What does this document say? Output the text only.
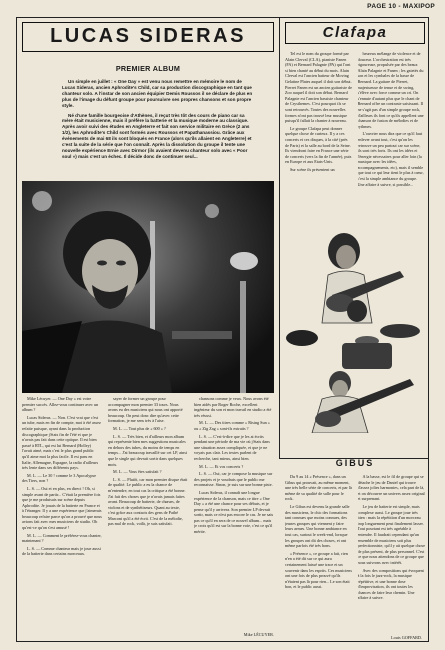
PAGE 10 - MAXIPOP
LUCAS SIDERAS
PREMIER ALBUM

Un simple en juillet : « One Day » est venu nous remettre en mémoire le nom de Lucas Sideras, ancien Aphrodite's Child, car sa production discographique en tant que chanteur solo. A l'instar de son ancien équipier Demis Roussos il se déclare de plus en plus de l'image du défunt groupe pour poursuivre ses propres chansons et son propre style.

Né d'une famille bourgeoise d'Athènes, il reçut très tôt des cours de piano car sa mère était musicienne, mais il préfère la batterie et la musique moderne au classique. Après avoir suivi des études en Angleterre et fait son service militaire en Grèce (2 ans 1/2), les Aphrodite's Child sont formés avec Roussos et Papathanassiou. Grâce aux événements de mai 68 ils sont bloqués en France (alors qu'ils allaient en Angleterre) et c'est la suite de la série que l'on connaît. Après la dissolution du groupe il tente une nouvelle expérience Ernie avec Dirmor (ils avaient devenu chanteur solo avec « Poor soul ») mais c'est un échec. Il décide donc de continuer seul...

Mike Lécuyer. — One Day » est votre premier succès. Allez-vous continuer avec un album ?

Lucas Sideras. — Non. C'est vrai que c'est un tube, mais en fin de compte, moi à été assez refaite puisque, ayant dans la production discographique j'étais fin de l'été et que je n'avais pas fait dans cette optique. Il est bien passé à RTL, qui est lui Bernard (Holley) l'avait aimé, mais c'est le plus grand public qu'il aime moi la plus facile. Il est paru en Italie, Allemagne, Espagne, la radio d'ailleurs très lente dans ses différents pays.

M. L. — Le 30 ! comme le 3 Apocalypse des Tiers, non ?

L. S. — Oui et en plus, en direct ! Oh, si simple avant de partir... C'était la première fois que je me produisais sur scène depuis Aphrodite. Je jouais de la batterie en France et à l'étranger. Il y a une expérience que j'aimerais beaucoup refaire parce qu'on a prouvé que nous avions fait avec mes musiciens de studio. Oh qu'est-ce qu'on s'est amusé !

M. L. — Comment le préférez-vous chanter, maintenant ?

L. S. — Comme chanteur mais je joue aussi de la batterie dans certains morceaux.

sayer de former un groupe pour accompagner mon premier 33 tours. Nous avons eu des musiciens qui nous ont apporté beaucoup. On peut donc dire qu'avec cette formation, je me sens très à l'aise.

M. L. — Tout plus de « 600 » ?

L. S. — Très bien, et d'ailleurs mon album qui représente bien mes suggestions musicales en dehors des tubes, du moins de temps en temps... J'ai beaucoup travaillé sur cet LP, ainsi que le single qui devrait sortir dans quelques mois.

M. L. — Vous êtes satisfait ?

L. S. — Plutôt, car mon premier disque était de qualité. Le public a eu la chance de m'entendre, en tout cas la critique a été bonne. J'ai fait des choses que je n'avais jamais faites avant. Beaucoup de batterie, de chœurs, de violons et de synthétiseurs. Quant au texte, c'est grâce aux contacts des gens de Pathé Marconi qu'il a été écrit. C'est de la mélodie, pas mal de rock, voilà, je suis satisfait.

chansons comme je veux. Nous avons été bien aidés par Roger Roche, excellent ingénieur du son et mon travail en studio a été très réussi.

M. L. — Des titres comme « Rising Sun » ou « Zig Zag » sont-ils extraits ?

L. S. — C'est-à-dire que je les ai écrits pendant une période de ma vie où j'étais dans une situation assez compliquée, et que je ne voyais pas clair. Les textes parlent de recherche, tant mieux, ainsi bien.

M. L. — Et vos concerts ?

L. S. — Oui, car je compose la musique sur des projets et je voudrais que le public me reconnaisse. Sinon, je suis sur une bonne piste.

Lucas Sideras, il connaît une longue expérience de la chanson, mais ce titre « One Day » a été une chance pour ses débuts, et je pense qu'il y arrivera. Son premier LP devrait sortir, mais ce n'est pas encore le cas. Je ne sais pas ce qu'il en sera de ce nouvel album... mais je crois qu'il est sur la bonne voie, c'est ce qu'il mérite.

Mike LÉCUYER.
Clafapa

Tel est le nom du groupe formé par Alain Clerval (CLA), pianiste Fanen (FA) et Bernard Palagnie (PA) qui l'ont si bien chanté au début du mois. Alain Clerval est l'ancien batteur de Moving Gelatine Plates auquel il doit son début. Pierret Fanen est un ancien guitariste de Zoo auquel il doit son début. Bernard Palagnie est l'ancien bassiste chanteur de Crysthemes. C'est pourquoi ils se sont retrouvés. Toutes des nouvelles formes n'ont pas trouvé leur musique puisqu'il fallait la chanter à nouveau.

Le groupe Clafapa peut donner quelque chose de curieux. Il y a ces concerts et ces disques, à la cité (près de Paris) et la salle au bord de la Seine. Ils viendront faire en France une série de concerts (vers la fin de l'année), puis en Europe et aux Etats-Unis.

Sur scène ils présentent un

heureux mélange de violence et de douceur. L'orchestration est très rigoureuse, propulsée par des beaux Alain Palagnie et Fanen ; les gaietés du son et les cymbales de la basse de Bernard. La guitare de Pierret, majestueuse de tenue et de swing, s'élève avec force comme un cri. On s'ennuie d'autant plus que le chant de Bernard offre un contraste saisissant. Il ne s'agit pas d'un simple groupe rock, d'ailleurs ils font ce qu'ils appellent une chanson de fusion de mélodies et de rythmes.

L'ouvrier nous dira que ce qu'il faut enlever avant tout, c'est qu'on les retrouve un peu partout car sur scène, ils sont très forts. Ils ont les idées et l'énergie nécessaires pour aller loin (la musique avec les idées, accompagnements, etc), mais il semble que tout ce qui leur tient le plus à cœur, c'est la simple ambiance du groupe. Une affaire à suivre, si possible...

GIBUS

Du 9 au 14 « Présence », dans un Gibus qui prouvait, au même moment, une très belle série de concerts, et par là même de sa qualité de salle pour le rock.

Le Gibus est devenu la grande salle des musiciens, le chic des formations tant connues que moins connues, des jeunes groupes qui viennent y faire leurs armes. Une bonne ambiance en tout cas, surtout le week-end, lorsque les groupes ont dit des choses, et ont même parfois été très bons.

« Présence », ce groupe a fait, rien n'en a été dit sur ce qui aura certainement laissé une trace et un souvenir dans les esprits. Ces musiciens ont une fois de plus prouvé qu'ils n'étaient pas là pour rien... Le son était bon, et le public aussi.

A la basse, est le fil de groupe qui se détache le jeu de Daniel qui trouve d'assez jolies harmonies, cela part de là, et on découvre un univers assez original et surprenant.

Le jeu de batterie est simple, mais complexe aussi. Le groupe joue très bien : mais la répétition d'un morceau trop longuement peut finalement lasser. Tout pourtant est très agréable à entendre. Il faudrait cependant qu'un ensemble de musiciens soit plus perfectionniste, qu'il y ait quelque chose de plus présent, de plus personnel. C'est ce que nous attendons de ce groupe que nous suivrons avec intérêt.

Avec des compositions qui évoquent à la fois le jazz-rock, la musique répétitive, et une bonne dose d'improvisation, ils ont toutes les chances de faire leur chemin. Une affaire à suivre.

Louis GOFFARD.
